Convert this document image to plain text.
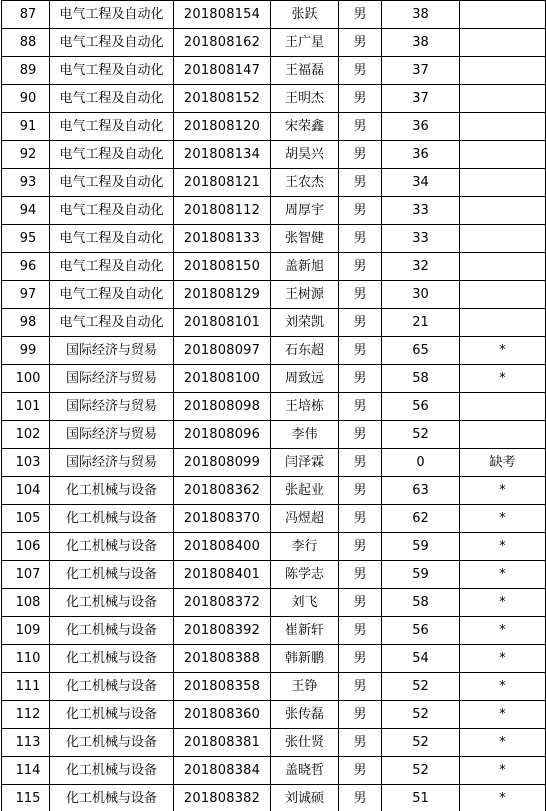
87	电气工程及自动化	201808154	张跃	男	38	
88	电气工程及自动化	201808162	王广星	男	38	
89	电气工程及自动化	201808147	王福磊	男	37	
90	电气工程及自动化	201808152	王明杰	男	37	
91	电气工程及自动化	201808120	宋荣鑫	男	36	
92	电气工程及自动化	201808134	胡昊兴	男	36	
93	电气工程及自动化	201808121	王农杰	男	34	
94	电气工程及自动化	201808112	周厚宇	男	33	
95	电气工程及自动化	201808133	张智健	男	33	
96	电气工程及自动化	201808150	盖新旭	男	32	
97	电气工程及自动化	201808129	王树源	男	30	
98	电气工程及自动化	201808101	刘荣凯	男	21	
99	国际经济与贸易	201808097	石东超	男	65	*
100	国际经济与贸易	201808100	周致远	男	58	*
101	国际经济与贸易	201808098	王培栋	男	56	
102	国际经济与贸易	201808096	李伟	男	52	
103	国际经济与贸易	201808099	闫泽霖	男	0	缺考
104	化工机械与设备	201808362	张起业	男	63	*
105	化工机械与设备	201808370	冯煜超	男	62	*
106	化工机械与设备	201808400	李行	男	59	*
107	化工机械与设备	201808401	陈学志	男	59	*
108	化工机械与设备	201808372	刘飞	男	58	*
109	化工机械与设备	201808392	崔新轩	男	56	*
110	化工机械与设备	201808388	韩新鹏	男	54	*
111	化工机械与设备	201808358	王铮	男	52	*
112	化工机械与设备	201808360	张传磊	男	52	*
113	化工机械与设备	201808381	张仕贤	男	52	*
114	化工机械与设备	201808384	盖晓哲	男	52	*
115	化工机械与设备	201808382	刘诚硕	男	51	*
